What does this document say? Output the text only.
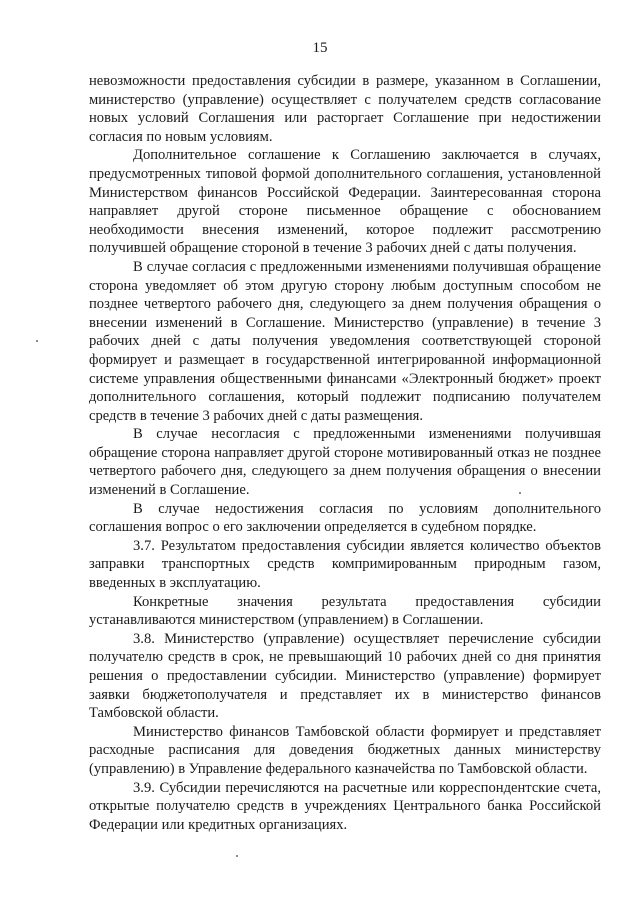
15

невозможности предоставления субсидии в размере, указанном в Соглашении, министерство (управление) осуществляет с получателем средств согласование новых условий Соглашения или расторгает Соглашение при недостижении согласия по новым условиям.

Дополнительное соглашение к Соглашению заключается в случаях, предусмотренных типовой формой дополнительного соглашения, установленной Министерством финансов Российской Федерации. Заинтересованная сторона направляет другой стороне письменное обращение с обоснованием необходимости внесения изменений, которое подлежит рассмотрению получившей обращение стороной в течение 3 рабочих дней с даты получения.

В случае согласия с предложенными изменениями получившая обращение сторона уведомляет об этом другую сторону любым доступным способом не позднее четвертого рабочего дня, следующего за днем получения обращения о внесении изменений в Соглашение. Министерство (управление) в течение 3 рабочих дней с даты получения уведомления соответствующей стороной формирует и размещает в государственной интегрированной информационной системе управления общественными финансами «Электронный бюджет» проект дополнительного соглашения, который подлежит подписанию получателем средств в течение 3 рабочих дней с даты размещения.

В случае несогласия с предложенными изменениями получившая обращение сторона направляет другой стороне мотивированный отказ не позднее четвертого рабочего дня, следующего за днем получения обращения о внесении изменений в Соглашение.

В случае недостижения согласия по условиям дополнительного соглашения вопрос о его заключении определяется в судебном порядке.

3.7. Результатом предоставления субсидии является количество объектов заправки транспортных средств компримированным природным газом, введенных в эксплуатацию.

Конкретные значения результата предоставления субсидии устанавливаются министерством (управлением) в Соглашении.

3.8. Министерство (управление) осуществляет перечисление субсидии получателю средств в срок, не превышающий 10 рабочих дней со дня принятия решения о предоставлении субсидии. Министерство (управление) формирует заявки бюджетополучателя и представляет их в министерство финансов Тамбовской области.

Министерство финансов Тамбовской области формирует и представляет расходные расписания для доведения бюджетных данных министерству (управлению) в Управление федерального казначейства по Тамбовской области.

3.9. Субсидии перечисляются на расчетные или корреспондентские счета, открытые получателю средств в учреждениях Центрального банка Российской Федерации или кредитных организациях.
